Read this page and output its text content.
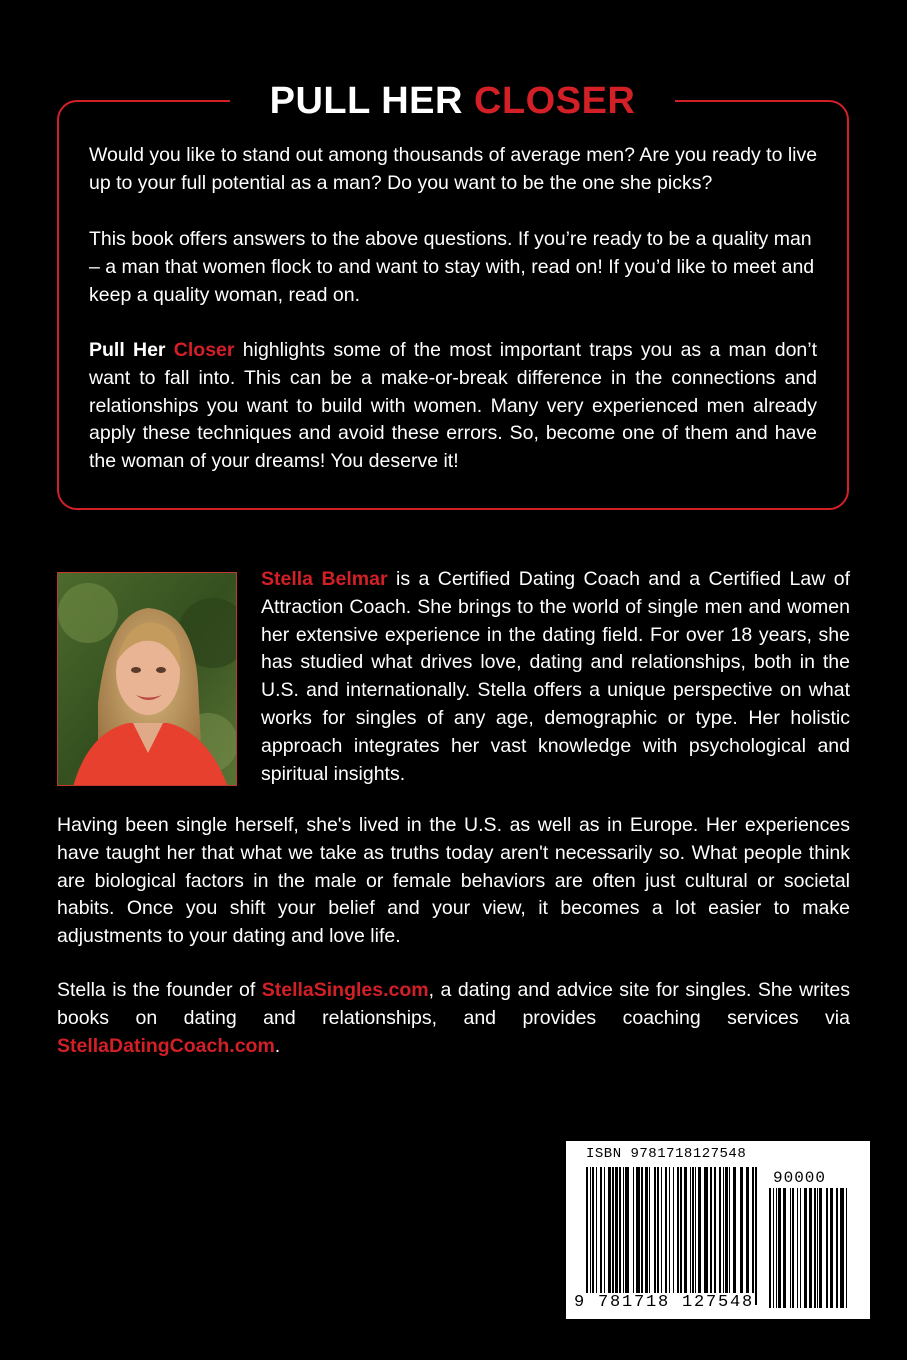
PULL HER CLOSER

Would you like to stand out among thousands of average men? Are you ready to live up to your full potential as a man? Do you want to be the one she picks?

This book offers answers to the above questions. If you’re ready to be a quality man – a man that women flock to and want to stay with, read on! If you’d like to meet and keep a quality woman, read on.

Pull Her Closer highlights some of the most important traps you as a man don’t want to fall into. This can be a make-or-break difference in the connections and relationships you want to build with women. Many very experienced men already apply these techniques and avoid these errors. So, become one of them and have the woman of your dreams! You deserve it!

Stella Belmar is a Certified Dating Coach and a Certified Law of Attraction Coach. She brings to the world of single men and women her extensive experience in the dating field. For over 18 years, she has studied what drives love, dating and relationships, both in the U.S. and internationally. Stella offers a unique perspective on what works for singles of any age, demographic or type. Her holistic approach integrates her vast knowledge with psychological and spiritual insights.

Having been single herself, she's lived in the U.S. as well as in Europe. Her experiences have taught her that what we take as truths today aren't necessarily so. What people think are biological factors in the male or female behaviors are often just cultural or societal habits. Once you shift your belief and your view, it becomes a lot easier to make adjustments to your dating and love life.

Stella is the founder of StellaSingles.com, a dating and advice site for singles. She writes books on dating and relationships, and provides coaching services via StellaDatingCoach.com.

ISBN 9781718127548
90000
9 781718 127548
